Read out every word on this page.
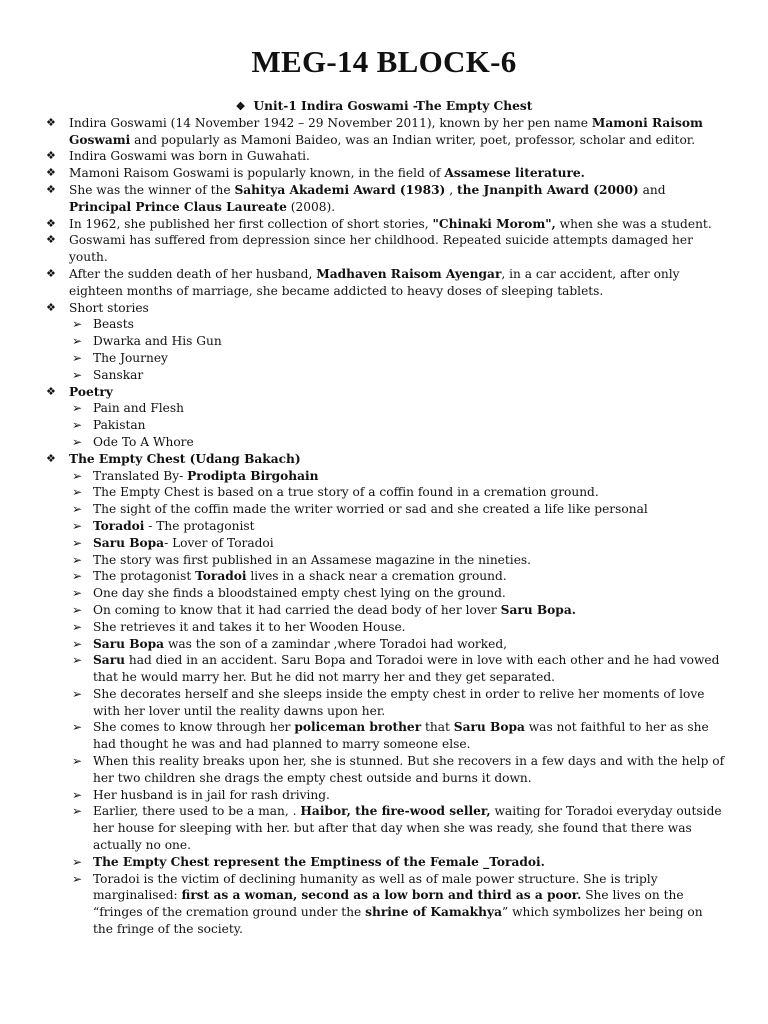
MEG-14 BLOCK-6
❖ Unit-1 Indira Goswami -The Empty Chest
❖ Indira Goswami (14 November 1942 – 29 November 2011), known by her pen name Mamoni Raisom
Goswami and popularly as Mamoni Baideo, was an Indian writer, poet, professor, scholar and editor.
❖ Indira Goswami was born in Guwahati.
❖ Mamoni Raisom Goswami is popularly known, in the field of Assamese literature.
❖ She was the winner of the Sahitya Akademi Award (1983) , the Jnanpith Award (2000) and
Principal Prince Claus Laureate (2008).
❖ In 1962, she published her first collection of short stories, "Chinaki Morom", when she was a student.
❖ Goswami has suffered from depression since her childhood. Repeated suicide attempts damaged her
youth.
❖ After the sudden death of her husband, Madhaven Raisom Ayengar, in a car accident, after only
eighteen months of marriage, she became addicted to heavy doses of sleeping tablets.
❖ Short stories
➢ Beasts
➢ Dwarka and His Gun
➢ The Journey
➢ Sanskar
❖ Poetry
➢ Pain and Flesh
➢ Pakistan
➢ Ode To A Whore
❖ The Empty Chest (Udang Bakach)
➢ Translated By- Prodipta Birgohain
➢ The Empty Chest is based on a true story of a coffin found in a cremation ground.
➢ The sight of the coffin made the writer worried or sad and she created a life like personal
➢ Toradoi - The protagonist
➢ Saru Bopa- Lover of Toradoi
➢ The story was first published in an Assamese magazine in the nineties.
➢ The protagonist Toradoi lives in a shack near a cremation ground.
➢ One day she finds a bloodstained empty chest lying on the ground.
➢ On coming to know that it had carried the dead body of her lover Saru Bopa.
➢ She retrieves it and takes it to her Wooden House.
➢ Saru Bopa was the son of a zamindar ,where Toradoi had worked,
➢ Saru had died in an accident. Saru Bopa and Toradoi were in love with each other and he had vowed
that he would marry her. But he did not marry her and they get separated.
➢ She decorates herself and she sleeps inside the empty chest in order to relive her moments of love
with her lover until the reality dawns upon her.
➢ She comes to know through her policeman brother that Saru Bopa was not faithful to her as she
had thought he was and had planned to marry someone else.
➢ When this reality breaks upon her, she is stunned. But she recovers in a few days and with the help of
her two children she drags the empty chest outside and burns it down.
➢ Her husband is in jail for rash driving.
➢ Earlier, there used to be a man, . Haibor, the fire-wood seller, waiting for Toradoi everyday outside
her house for sleeping with her. but after that day when she was ready, she found that there was
actually no one.
➢ The Empty Chest represent the Emptiness of the Female _Toradoi.
➢ Toradoi is the victim of declining humanity as well as of male power structure. She is triply
marginalised: first as a woman, second as a low born and third as a poor. She lives on the
“fringes of the cremation ground under the shrine of Kamakhya” which symbolizes her being on
the fringe of the society.
